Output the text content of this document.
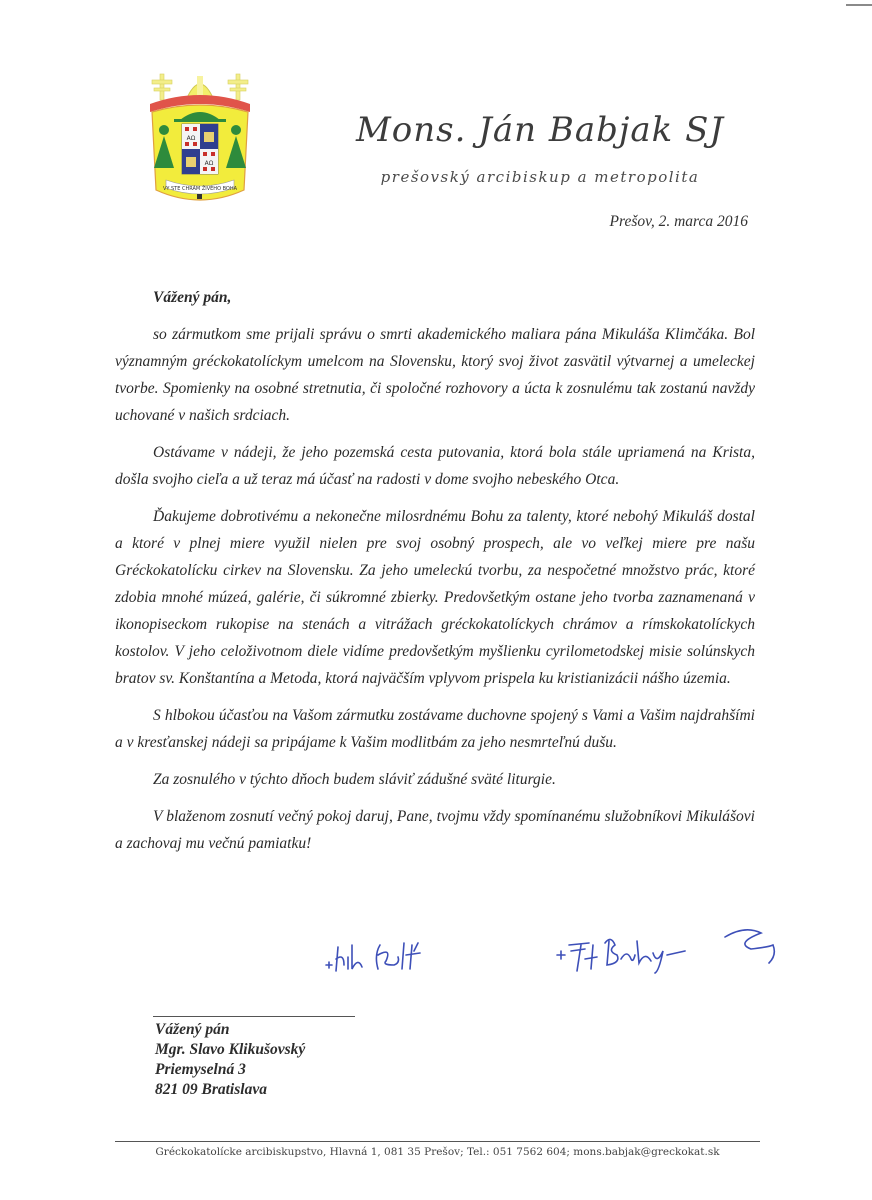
AΩ
AΩ
VY STE CHRÁM ŽIVÉHO BOHA
Mons. Ján Babjak SJ
prešovský arcibiskup a metropolita
Prešov, 2. marca 2016

Vážený pán,

so zármutkom sme prijali správu o smrti akademického maliara pána Mikuláša Klimčáka. Bol významným gréckokatolíckym umelcom na Slovensku, ktorý svoj život zasvätil výtvarnej a umeleckej tvorbe. Spomienky na osobné stretnutia, či spoločné rozhovory a úcta k zosnulému tak zostanú navždy uchované v našich srdciach.

Ostávame v nádeji, že jeho pozemská cesta putovania, ktorá bola stále upriamená na Krista, došla svojho cieľa a už teraz má účasť na radosti v dome svojho nebeského Otca.

Ďakujeme dobrotivému a nekonečne milosrdnému Bohu za talenty, ktoré nebohý Mikuláš dostal a ktoré v plnej miere využil nielen pre svoj osobný prospech, ale vo veľkej miere pre našu Gréckokatolícku cirkev na Slovensku. Za jeho umeleckú tvorbu, za nespočetné množstvo prác, ktoré zdobia mnohé múzeá, galérie, či súkromné zbierky. Predovšetkým ostane jeho tvorba zaznamenaná v ikonopiseckom rukopise na stenách a vitrážach gréckokatolíckych chrámov a rímskokatolíckych kostolov. V jeho celoživotnom diele vidíme predovšetkým myšlienku cyrilometodskej misie solúnskych bratov sv. Konštantína a Metoda, ktorá najväčším vplyvom prispela ku kristianizácii nášho územia.

S hlbokou účasťou na Vašom zármutku zostávame duchovne spojený s Vami a Vašim najdrahšími a v kresťanskej nádeji sa pripájame k Vašim modlitbám za jeho nesmrteľnú dušu.

Za zosnulého v týchto dňoch budem sláviť zádušné sväté liturgie.

V blaženom zosnutí večný pokoj daruj, Pane, tvojmu vždy spomínanému služobníkovi Mikulášovi a zachovaj mu večnú pamiatku!

Vážený pán
Mgr. Slavo Klikušovský
Priemyselná 3
821 09 Bratislava
Gréckokatolícke arcibiskupstvo, Hlavná 1, 081 35 Prešov; Tel.: 051 7562 604; mons.babjak@greckokat.sk
